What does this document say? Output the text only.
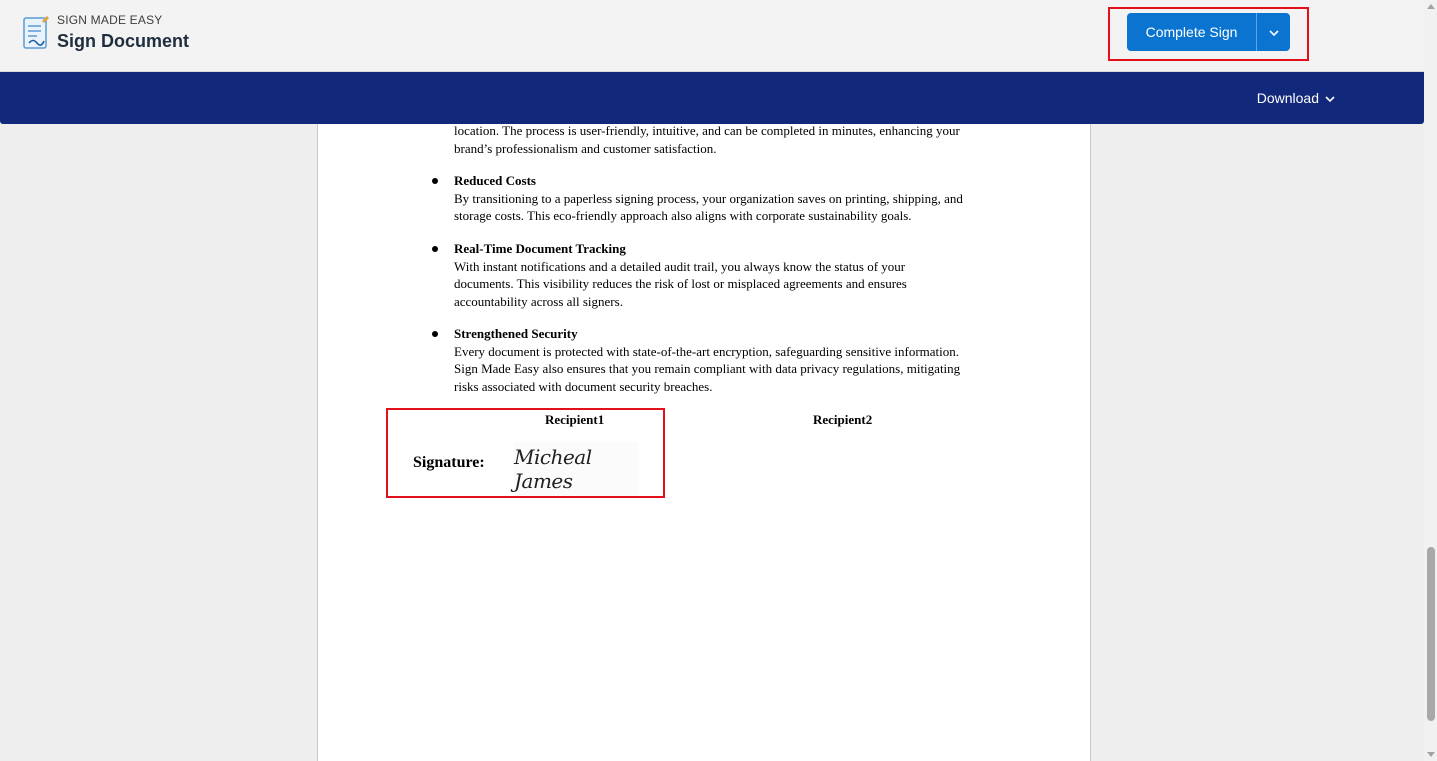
SIGN MADE EASY
Sign Document	Complete Sign
Download
location. The process is user-friendly, intuitive, and can be completed in minutes, enhancing your
brand’s professionalism and customer satisfaction.
Reduced Costs
By transitioning to a paperless signing process, your organization saves on printing, shipping, and
storage costs. This eco-friendly approach also aligns with corporate sustainability goals.
Real-Time Document Tracking
With instant notifications and a detailed audit trail, you always know the status of your
documents. This visibility reduces the risk of lost or misplaced agreements and ensures
accountability across all signers.
Strengthened Security
Every document is protected with state-of-the-art encryption, safeguarding sensitive information.
Sign Made Easy also ensures that you remain compliant with data privacy regulations, mitigating
risks associated with document security breaches.
Recipient1	Recipient2
Signature: Micheal James
